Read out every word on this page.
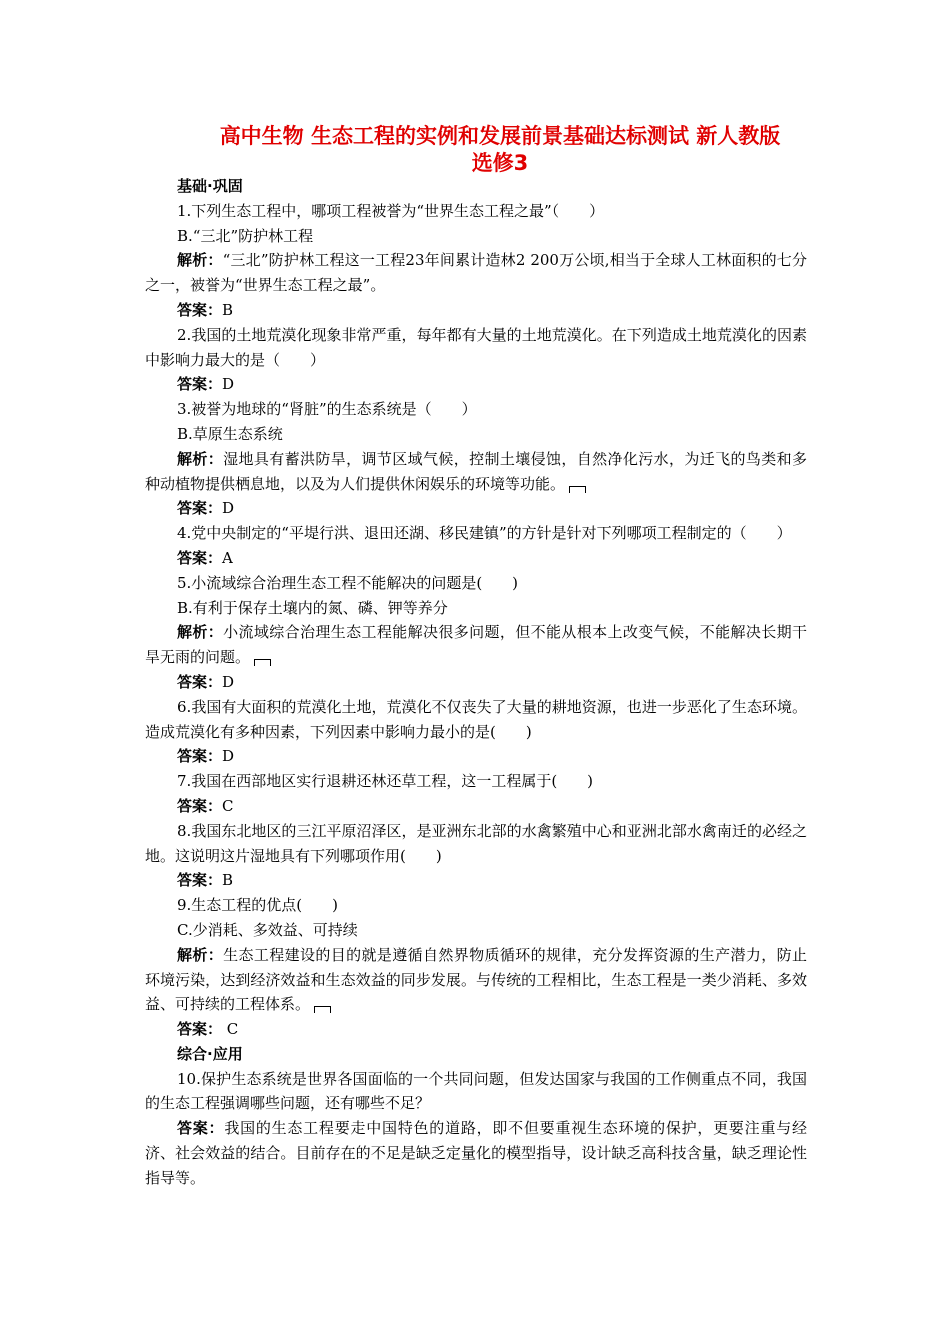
高中生物 生态工程的实例和发展前景基础达标测试 新人教版
选修3

基础·巩固

1.下列生态工程中，哪项工程被誉为“世界生态工程之最”（　　）

B.“三北”防护林工程

解析：“三北”防护林工程这一工程23年间累计造林2 200万公顷,相当于全球人工林面积的七分之一，被誉为“世界生态工程之最”。

答案：B

2.我国的土地荒漠化现象非常严重，每年都有大量的土地荒漠化。在下列造成土地荒漠化的因素中影响力最大的是（　　）

答案：D

3.被誉为地球的“肾脏”的生态系统是（　　）

B.草原生态系统

解析：湿地具有蓄洪防旱，调节区域气候，控制土壤侵蚀，自然净化污水，为迁飞的鸟类和多种动植物提供栖息地，以及为人们提供休闲娱乐的环境等功能。

答案：D

4.党中央制定的“平堤行洪、退田还湖、移民建镇”的方针是针对下列哪项工程制定的（　　）

答案：A

5.小流域综合治理生态工程不能解决的问题是(　　)

B.有利于保存土壤内的氮、磷、钾等养分

解析：小流域综合治理生态工程能解决很多问题，但不能从根本上改变气候，不能解决长期干旱无雨的问题。

答案：D

6.我国有大面积的荒漠化土地，荒漠化不仅丧失了大量的耕地资源，也进一步恶化了生态环境。造成荒漠化有多种因素，下列因素中影响力最小的是(　　)

答案：D

7.我国在西部地区实行退耕还林还草工程，这一工程属于(　　)

答案：C

8.我国东北地区的三江平原沼泽区，是亚洲东北部的水禽繁殖中心和亚洲北部水禽南迁的必经之地。这说明这片湿地具有下列哪项作用(　　)

答案：B

9.生态工程的优点(　　)

C.少消耗、多效益、可持续

解析：生态工程建设的目的就是遵循自然界物质循环的规律，充分发挥资源的生产潜力，防止环境污染，达到经济效益和生态效益的同步发展。与传统的工程相比，生态工程是一类少消耗、多效益、可持续的工程体系。

答案： C

综合·应用

10.保护生态系统是世界各国面临的一个共同问题，但发达国家与我国的工作侧重点不同，我国的生态工程强调哪些问题，还有哪些不足？

答案：我国的生态工程要走中国特色的道路，即不但要重视生态环境的保护，更要注重与经济、社会效益的结合。目前存在的不足是缺乏定量化的模型指导，设计缺乏高科技含量，缺乏理论性指导等。
